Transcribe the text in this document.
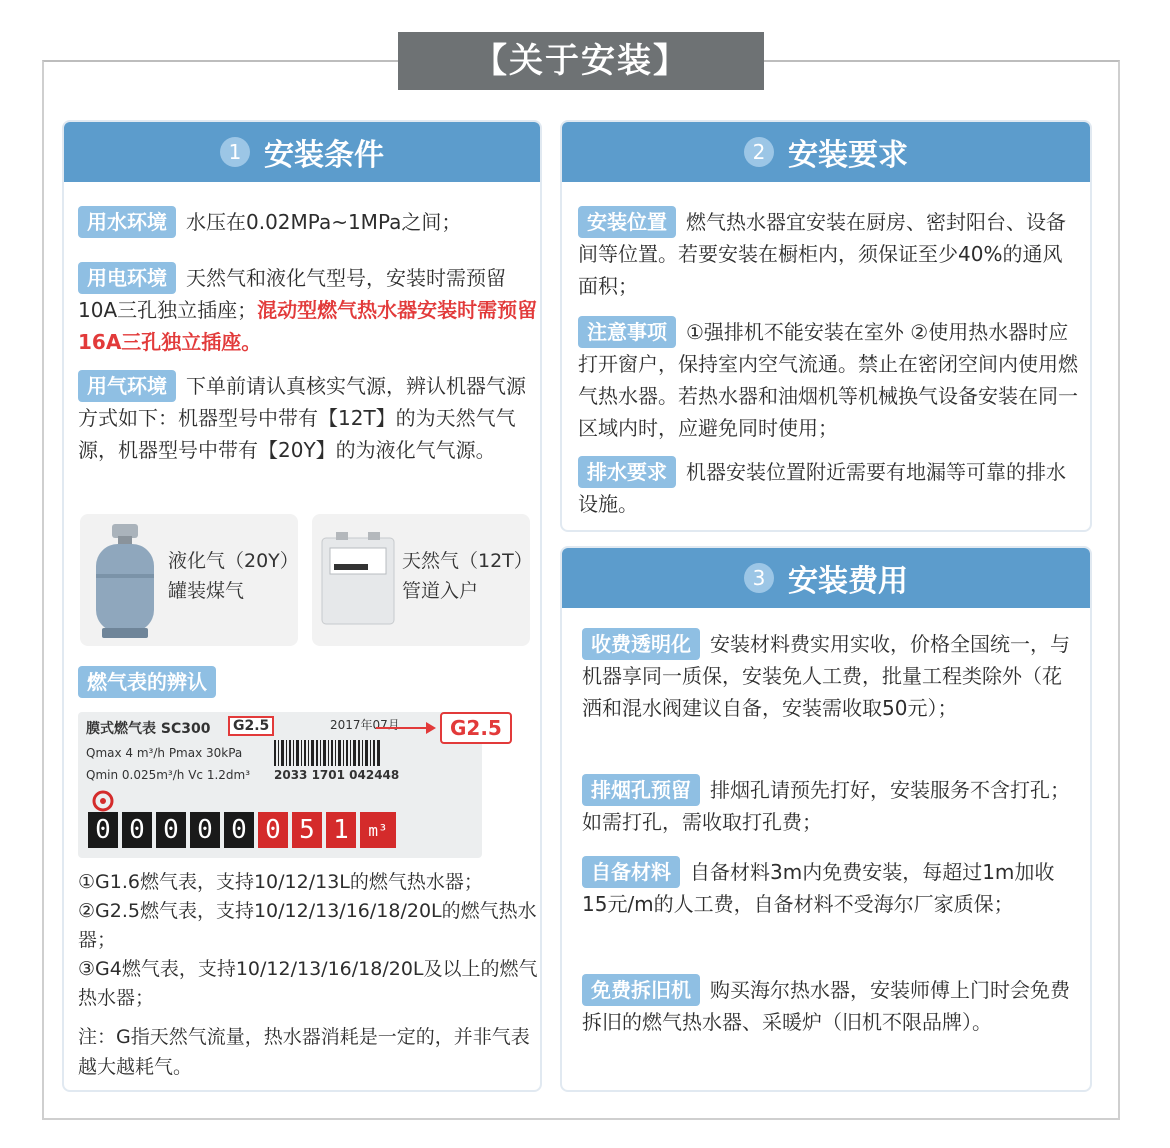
【关于安装】
1 安装条件
用水环境 水压在0.02MPa~1MPa之间；
用电环境 天然气和液化气型号，安装时需预留10A三孔独立插座；混动型燃气热水器安装时需预留16A三孔独立插座。
用气环境 下单前请认真核实气源，辨认机器气源方式如下：机器型号中带有【12T】的为天然气气源，机器型号中带有【20Y】的为液化气气源。
液化气（20Y）
罐装煤气
天然气（12T）
管道入户
燃气表的辨认
膜式燃气表 SC300	G2.5	2017年07月
Qmax 4 m³/h Pmax 30kPa
Qmin 0.025m³/h Vc 1.2dm³ 2033 1701 042448
0 0 0 0 0 0 5 1	m³
G2.5
①G1.6燃气表，支持10/12/13L的燃气热水器；
②G2.5燃气表，支持10/12/13/16/18/20L的燃气热水器；
③G4燃气表，支持10/12/13/16/18/20L及以上的燃气热水器；
注：G指天然气流量，热水器消耗是一定的，并非气表越大越耗气。
2 安装要求
安装位置 燃气热水器宜安装在厨房、密封阳台、设备间等位置。若要安装在橱柜内，须保证至少40%的通风面积；
注意事项 ①强排机不能安装在室外 ②使用热水器时应打开窗户，保持室内空气流通。禁止在密闭空间内使用燃气热水器。若热水器和油烟机等机械换气设备安装在同一区域内时，应避免同时使用；
排水要求 机器安装位置附近需要有地漏等可靠的排水设施。
3 安装费用
收费透明化 安装材料费实用实收，价格全国统一，与机器享同一质保，安装免人工费，批量工程类除外（花洒和混水阀建议自备，安装需收取50元）；
排烟孔预留 排烟孔请预先打好，安装服务不含打孔；如需打孔，需收取打孔费；
自备材料 自备材料3m内免费安装，每超过1m加收15元/m的人工费，自备材料不受海尔厂家质保；
免费拆旧机 购买海尔热水器，安装师傅上门时会免费拆旧的燃气热水器、采暖炉（旧机不限品牌）。
